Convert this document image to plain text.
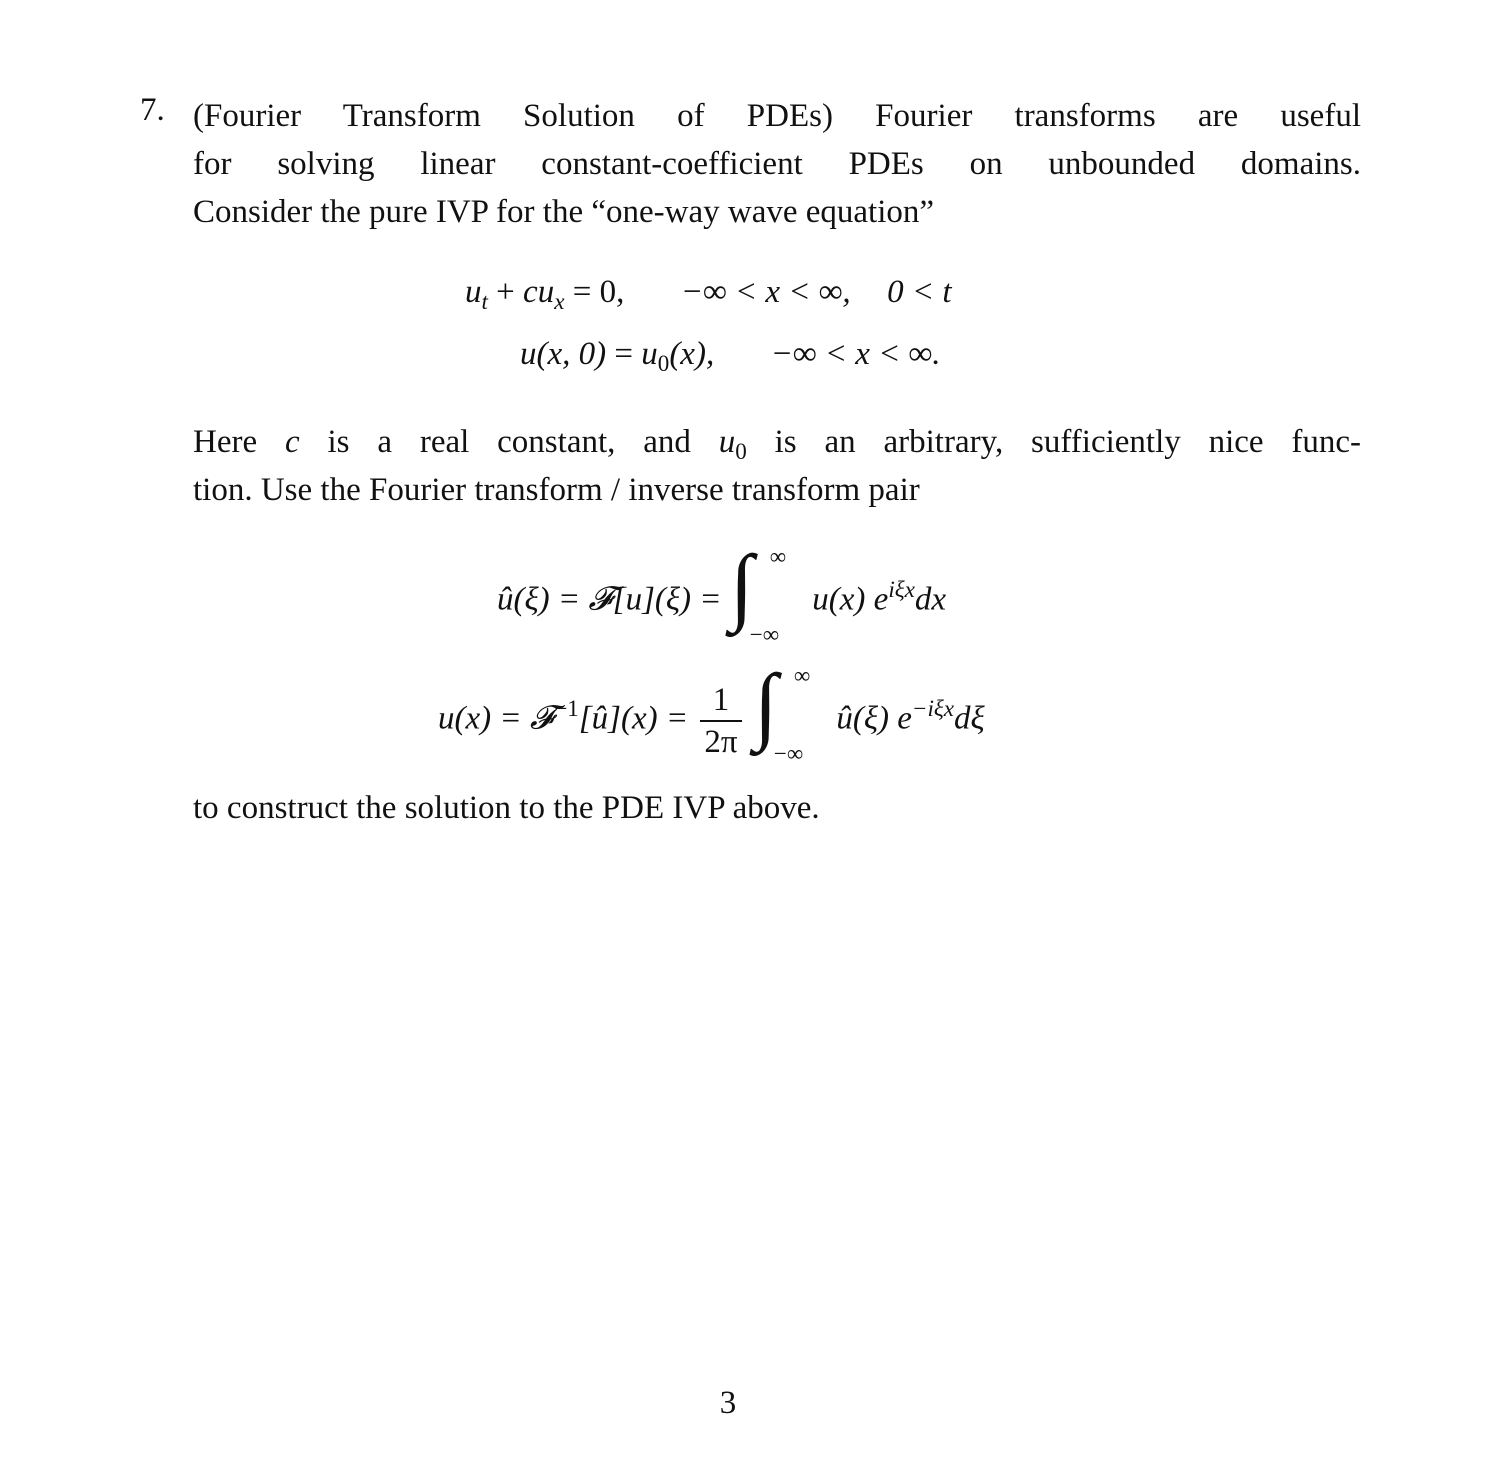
7. (Fourier Transform Solution of PDEs) Fourier transforms are useful
for solving linear constant-coefficient PDEs on unbounded domains.
Consider the pure IVP for the “one-way wave equation”
$u_t + cu_x = 0$, −∞ < x < ∞, 0 < t
u(x, $0) = u_0(x)$, −∞ < x < ∞.
Here c is a real constant, and $u_0$ is an arbitrary, sufficiently nice func-
tion. Use the Fourier transform / inverse transform pair
û(ξ) = 𝓕[u](ξ) = ∫ ∞
−∞
u(x) $e^{i\xi x}dx$
u(x) = 𝓕$^{-1}$[û](x) = $\frac{1}{2\pi}$
∫ ∞
−∞
û(ξ) $e^{-i\xi x}d\xi$
to construct the solution to the PDE IVP above.
3
